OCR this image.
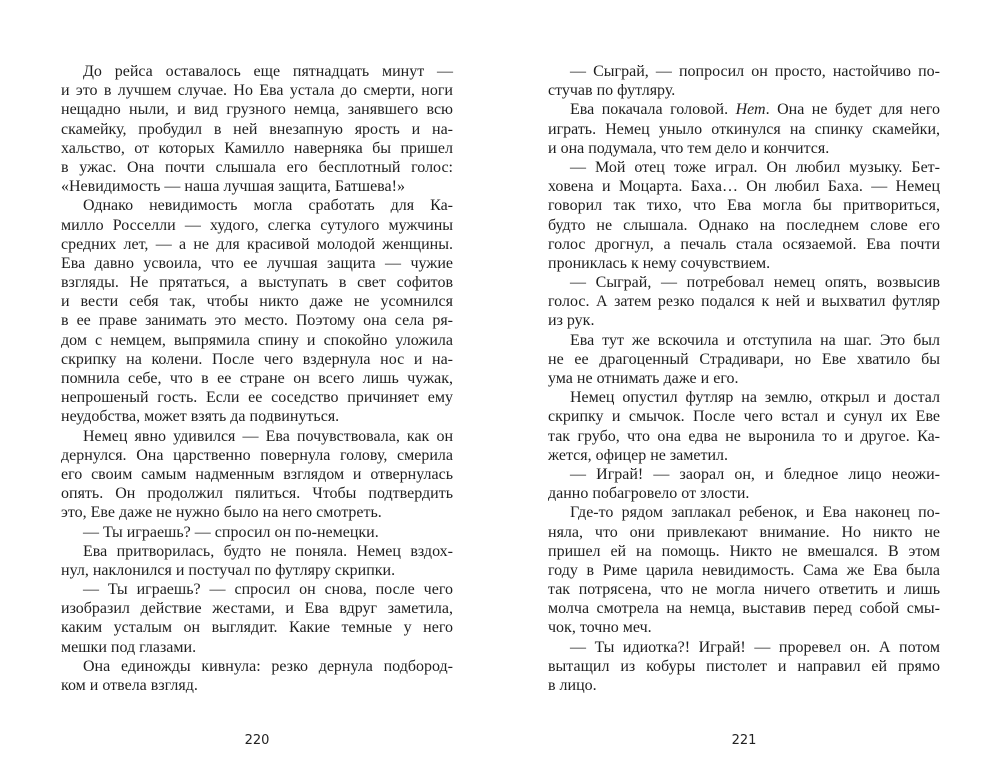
До рейса оставалось еще пятнадцать минут —
и это в лучшем случае. Но Ева устала до смерти, ноги
нещадно ныли, и вид грузного немца, занявшего всю
скамейку, пробудил в ней внезапную ярость и на-
хальство, от которых Камилло наверняка бы пришел
в ужас. Она почти слышала его бесплотный голос:
«Невидимость — наша лучшая защита, Батшева!»
Однако невидимость могла сработать для Ка-
милло Росселли — худого, слегка сутулого мужчины
средних лет, — а не для красивой молодой женщины.
Ева давно усвоила, что ее лучшая защита — чужие
взгляды. Не прятаться, а выступать в свет софитов
и вести себя так, чтобы никто даже не усомнился
в ее праве занимать это место. Поэтому она села ря-
дом с немцем, выпрямила спину и спокойно уложила
скрипку на колени. После чего вздернула нос и на-
помнила себе, что в ее стране он всего лишь чужак,
непрошеный гость. Если ее соседство причиняет ему
неудобства, может взять да подвинуться.
Немец явно удивился — Ева почувствовала, как он
дернулся. Она царственно повернула голову, смерила
его своим самым надменным взглядом и отвернулась
опять. Он продолжил пялиться. Чтобы подтвердить
это, Еве даже не нужно было на него смотреть.
— Ты играешь? — спросил он по-немецки.
Ева притворилась, будто не поняла. Немец вздох-
нул, наклонился и постучал по футляру скрипки.
— Ты играешь? — спросил он снова, после чего
изобразил действие жестами, и Ева вдруг заметила,
каким усталым он выглядит. Какие темные у него
мешки под глазами.
Она единожды кивнула: резко дернула подбород-
ком и отвела взгляд.
— Сыграй, — попросил он просто, настойчиво по-
стучав по футляру.
Ева покачала головой. Нет. Она не будет для него
играть. Немец уныло откинулся на спинку скамейки,
и она подумала, что тем дело и кончится.
— Мой отец тоже играл. Он любил музыку. Бет-
ховена и Моцарта. Баха… Он любил Баха. — Немец
говорил так тихо, что Ева могла бы притвориться,
будто не слышала. Однако на последнем слове его
голос дрогнул, а печаль стала осязаемой. Ева почти
прониклась к нему сочувствием.
— Сыграй, — потребовал немец опять, возвысив
голос. А затем резко подался к ней и выхватил футляр
из рук.
Ева тут же вскочила и отступила на шаг. Это был
не ее драгоценный Страдивари, но Еве хватило бы
ума не отнимать даже и его.
Немец опустил футляр на землю, открыл и достал
скрипку и смычок. После чего встал и сунул их Еве
так грубо, что она едва не выронила то и другое. Ка-
жется, офицер не заметил.
— Играй! — заорал он, и бледное лицо неожи-
данно побагровело от злости.
Где-то рядом заплакал ребенок, и Ева наконец по-
няла, что они привлекают внимание. Но никто не
пришел ей на помощь. Никто не вмешался. В этом
году в Риме царила невидимость. Сама же Ева была
так потрясена, что не могла ничего ответить и лишь
молча смотрела на немца, выставив перед собой смы-
чок, точно меч.
— Ты идиотка?! Играй! — проревел он. А потом
вытащил из кобуры пистолет и направил ей прямо
в лицо.
220	221
